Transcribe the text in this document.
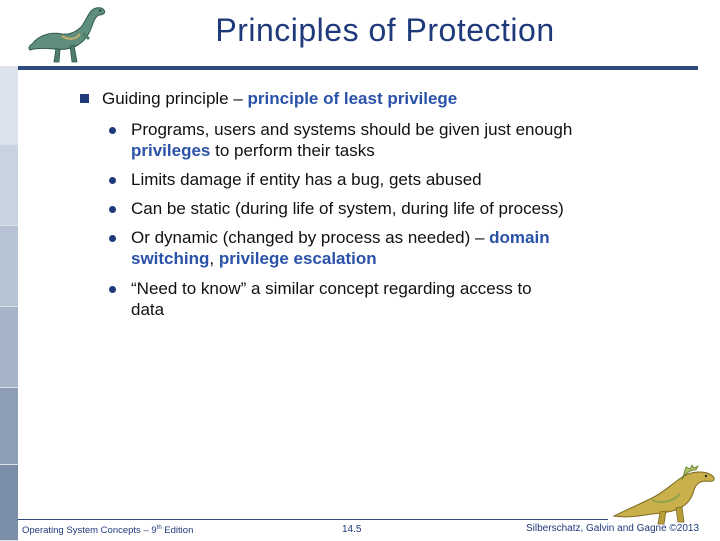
Principles of Protection
Guiding principle – principle of least privilege
Programs, users and systems should be given just enough privileges to perform their tasks
Limits damage if entity has a bug, gets abused
Can be static (during life of system, during life of process)
Or dynamic (changed by process as needed) – domain switching, privilege escalation
“Need to know” a similar concept regarding access to data
Operating System Concepts – 9th Edition	14.5	Silberschatz, Galvin and Gagne ©2013
